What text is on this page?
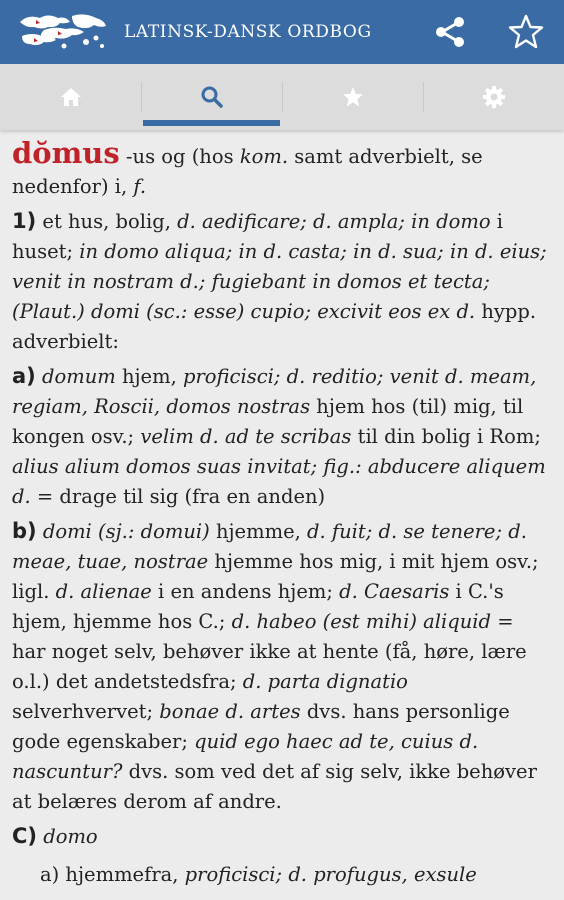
LATINSK-DANSK ORDBOG

dŏmus -us og (hos kom. samt adverbielt, se nedenfor) i, f.

1) et hus, bolig, d. aedificare; d. ampla; in domo i huset; in domo aliqua; in d. casta; in d. sua; in d. eius; venit in nostram d.; fugiebant in domos et tecta; (Plaut.) domi (sc.: esse) cupio; excivit eos ex d. hypp. adverbielt:

a) domum hjem, proficisci; d. reditio; venit d. meam, regiam, Roscii, domos nostras hjem hos (til) mig, til kongen osv.; velim d. ad te scribas til din bolig i Rom; alius alium domos suas invitat; fig.: abducere aliquem d. = drage til sig (fra en anden)

b) domi (sj.: domui) hjemme, d. fuit; d. se tenere; d. meae, tuae, nostrae hjemme hos mig, i mit hjem osv.; ligl. d. alienae i en andens hjem; d. Caesaris i C.'s hjem, hjemme hos C.; d. habeo (est mihi) aliquid = har noget selv, behøver ikke at hente (få, høre, lære o.l.) det andetstedsfra; d. parta dignatio selverhvervet; bonae d. artes dvs. hans personlige gode egenskaber; quid ego haec ad te, cuius d. nascuntur? dvs. som ved det af sig selv, ikke behøver at belæres derom af andre.

C) domo

a) hjemmefra, proficisci; d. profugus, exsule
